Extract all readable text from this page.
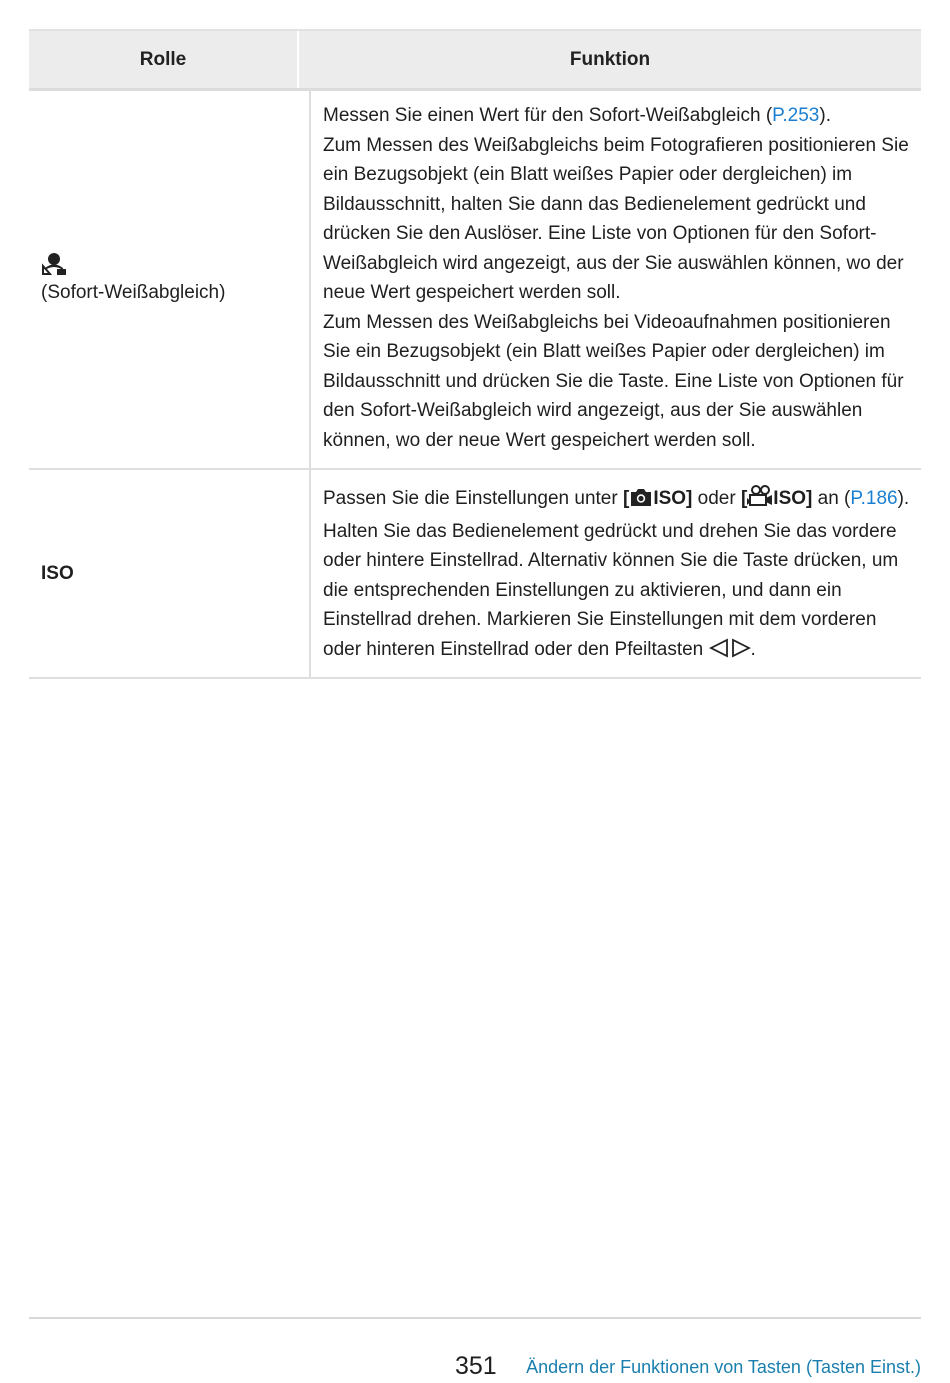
Rolle	Funktion
(Sofort-Weißabgleich)

Messen Sie einen Wert für den Sofort-Weißabgleich (P.253).

Zum Messen des Weißabgleichs beim Fotografieren positionieren Sie ein Bezugsobjekt (ein Blatt weißes Papier oder dergleichen) im Bildausschnitt, halten Sie dann das Bedienelement gedrückt und drücken Sie den Auslöser. Eine Liste von Optionen für den Sofort-Weißabgleich wird angezeigt, aus der Sie auswählen können, wo der neue Wert gespeichert werden soll.

Zum Messen des Weißabgleichs bei Videoaufnahmen positionieren Sie ein Bezugsobjekt (ein Blatt weißes Papier oder dergleichen) im Bildausschnitt und drücken Sie die Taste. Eine Liste von Optionen für den Sofort-Weißabgleich wird angezeigt, aus der Sie auswählen können, wo der neue Wert gespeichert werden soll.

ISO

Passen Sie die Einstellungen unter [ ISO] oder [ ISO] an (P.186).

Halten Sie das Bedienelement gedrückt und drehen Sie das vordere oder hintere Einstellrad. Alternativ können Sie die Taste drücken, um die entsprechenden Einstellungen zu aktivieren, und dann ein Einstellrad drehen. Markieren Sie Einstellungen mit dem vorderen oder hinteren Einstellrad oder den Pfeiltasten .

351 Ändern der Funktionen von Tasten (Tasten Einst.)
